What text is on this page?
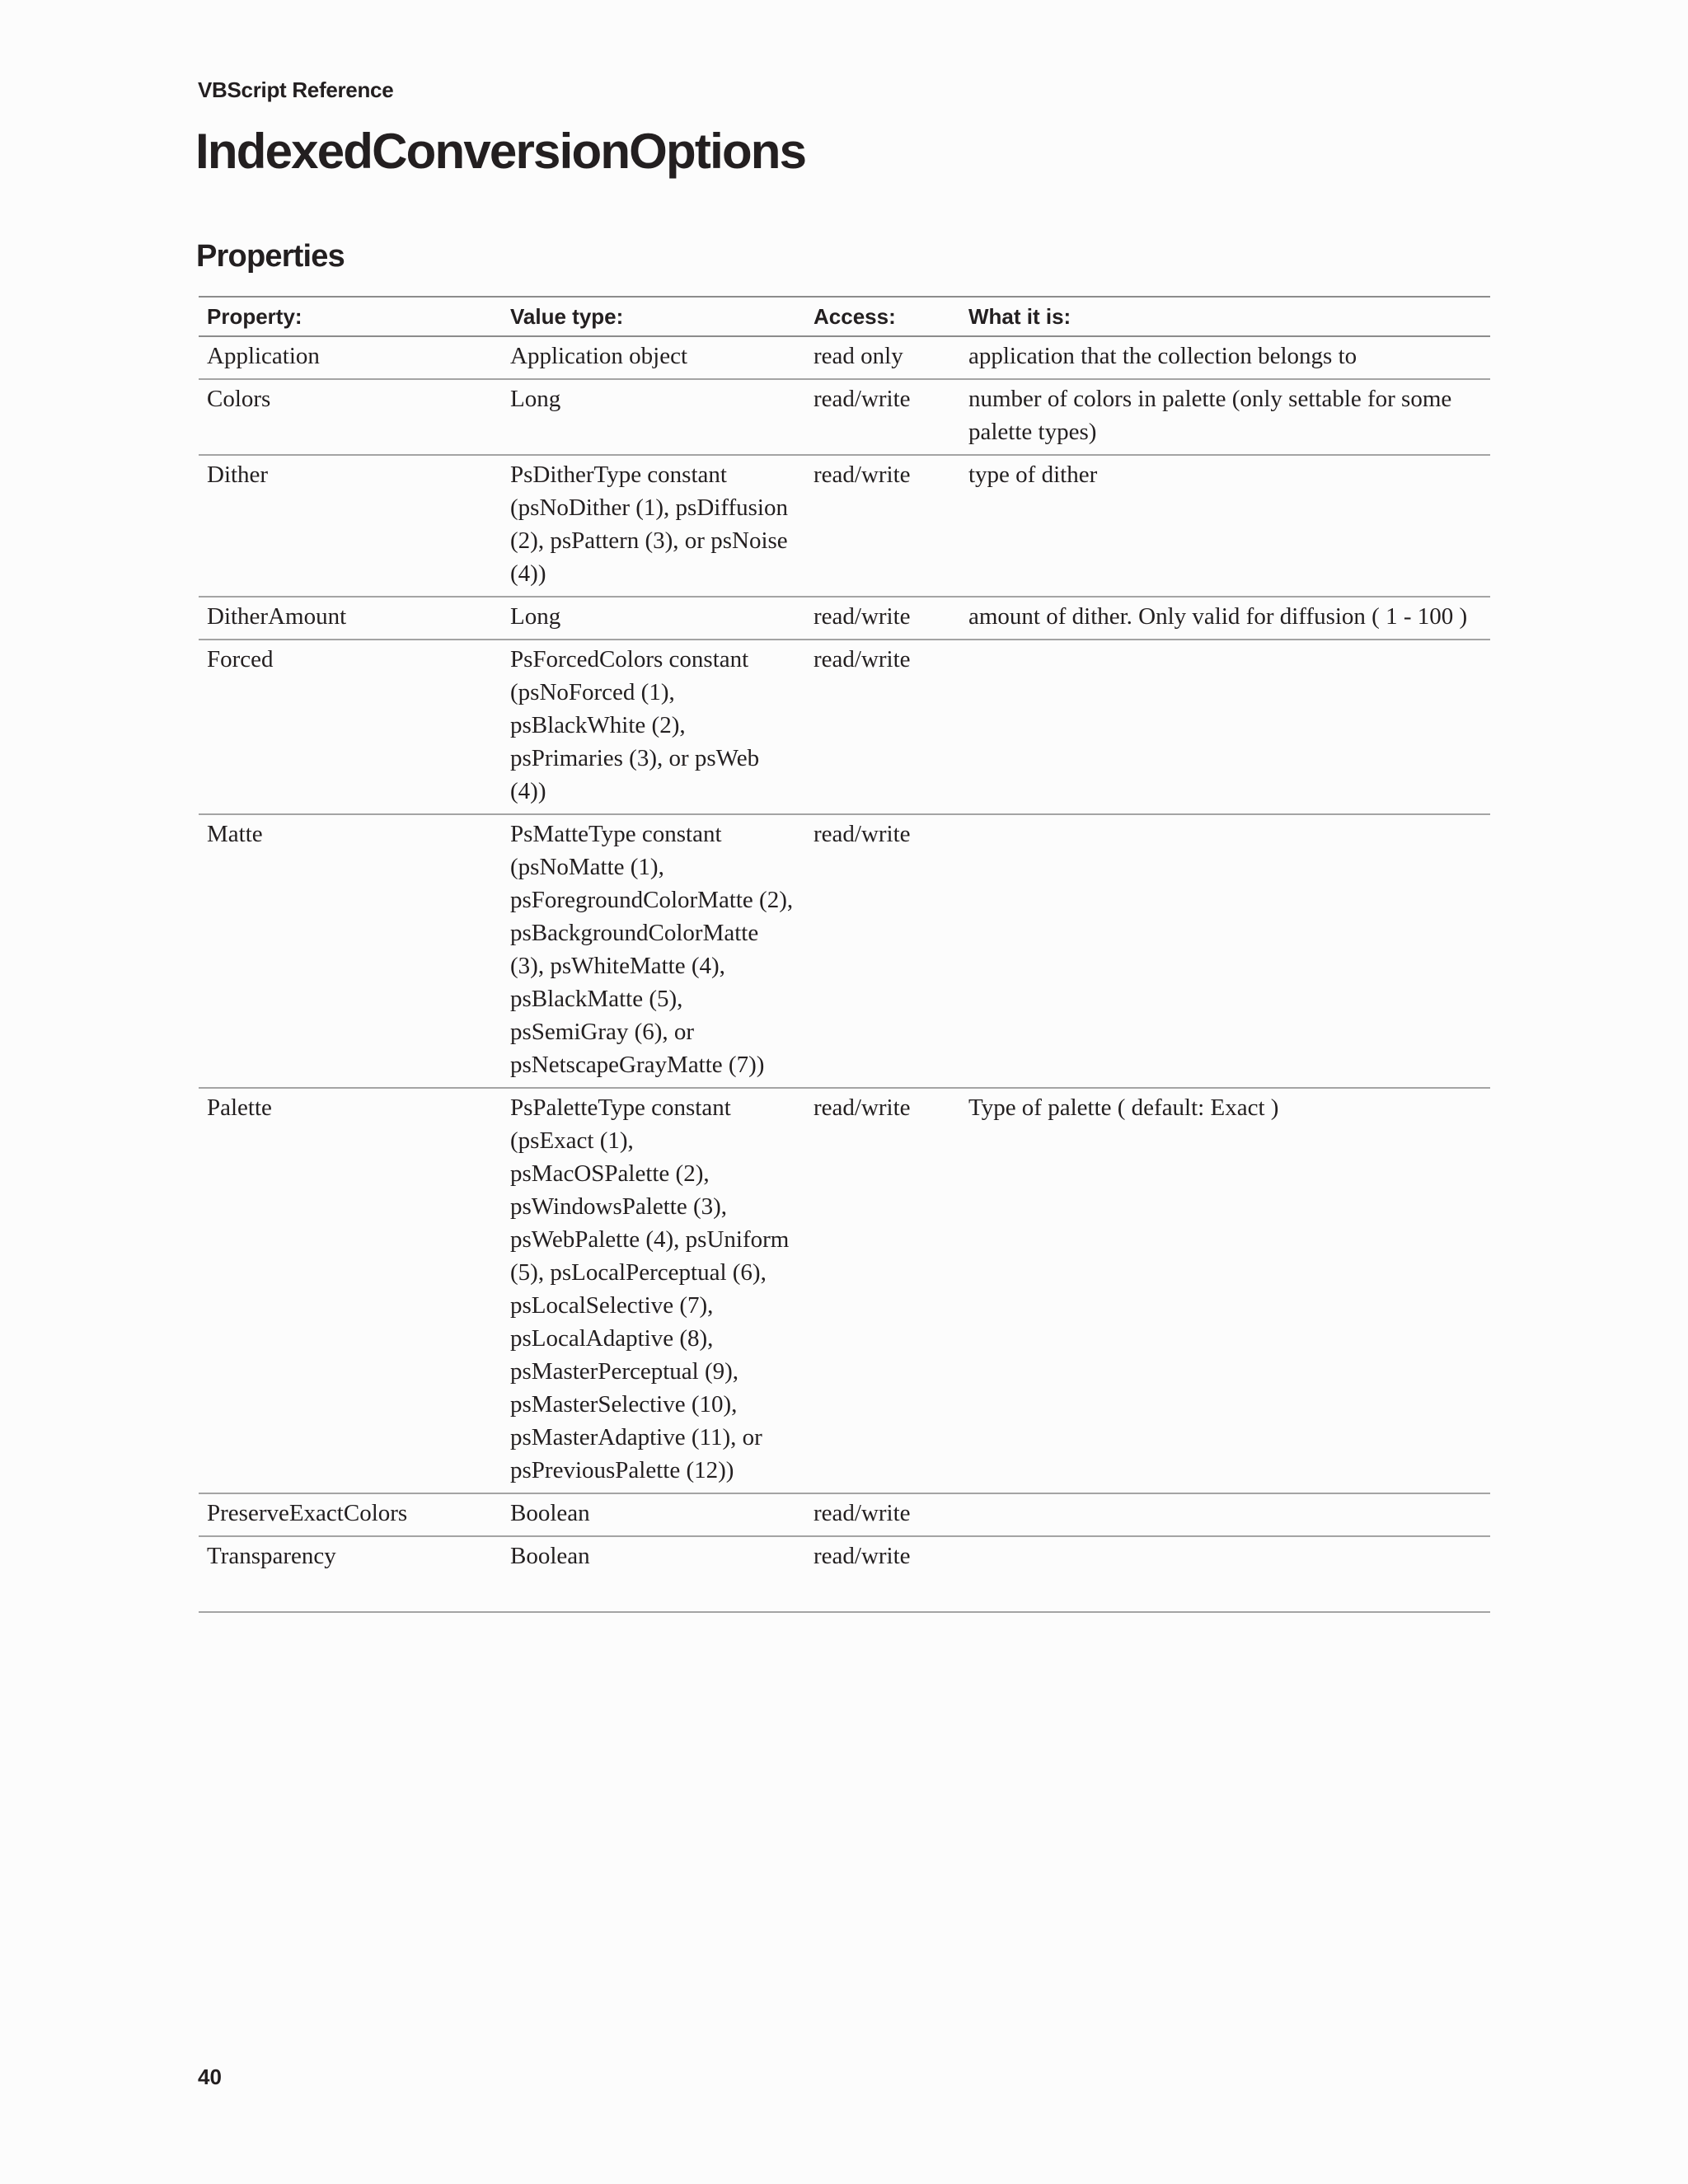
VBScript Reference
IndexedConversionOptions
Properties
Property:	Value type:	Access:	What it is:
Application	Application object	read only	application that the collection belongs to
Colors	Long	read/write	number of colors in palette (only settable for some palette types)
Dither	PsDitherType constant (psNoDither (1), psDiffusion (2), psPattern (3), or psNoise (4))	read/write	type of dither
DitherAmount	Long	read/write	amount of dither. Only valid for diffusion ( 1 - 100 )
Forced	PsForcedColors constant (psNoForced (1), psBlackWhite (2), psPrimaries (3), or psWeb (4))	read/write	
Matte	PsMatteType constant (psNoMatte (1), psForegroundColorMatte (2), psBackgroundColorMatte (3), psWhiteMatte (4), psBlackMatte (5), psSemiGray (6), or psNetscapeGrayMatte (7))	read/write	
Palette	PsPaletteType constant (psExact (1), psMacOSPalette (2), psWindowsPalette (3), psWebPalette (4), psUniform (5), psLocalPerceptual (6), psLocalSelective (7), psLocalAdaptive (8), psMasterPerceptual (9), psMasterSelective (10), psMasterAdaptive (11), or psPreviousPalette (12))	read/write	Type of palette ( default: Exact )
PreserveExactColors	Boolean	read/write	
Transparency	Boolean	read/write	
40
